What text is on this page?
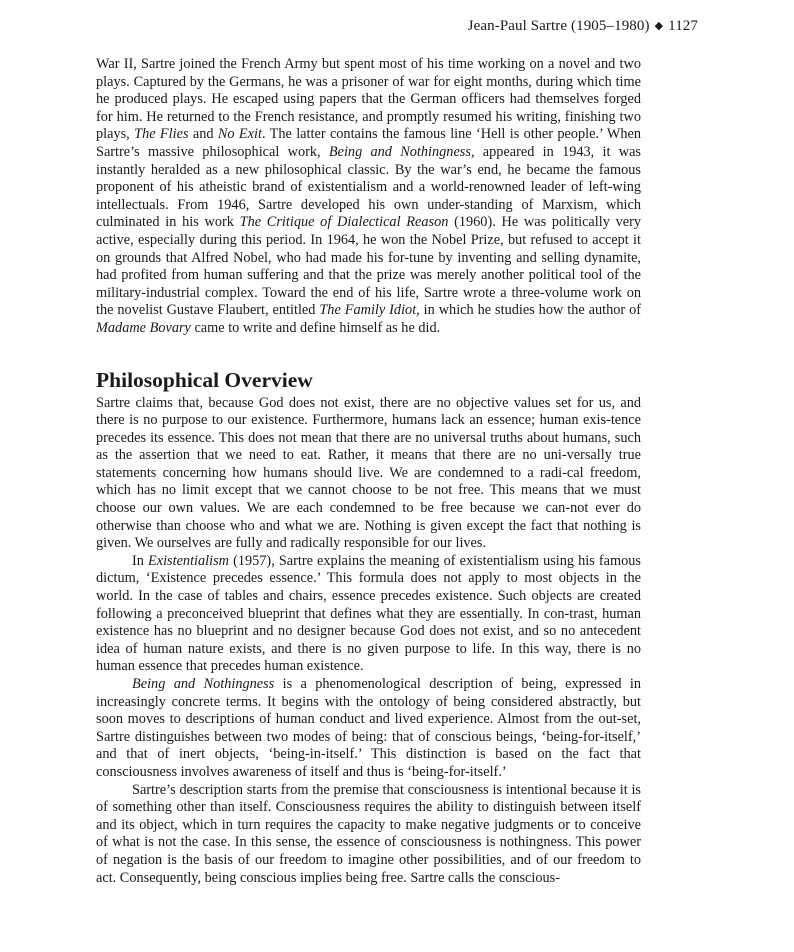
Jean-Paul Sartre (1905–1980) ◆ 1127

War II, Sartre joined the French Army but spent most of his time working on a novel and two plays. Captured by the Germans, he was a prisoner of war for eight months, during which time he produced plays. He escaped using papers that the German officers had themselves forged for him. He returned to the French resistance, and promptly resumed his writing, finishing two plays, The Flies and No Exit. The latter contains the famous line ‘Hell is other people.’ When Sartre’s massive philosophical work, Being and Nothingness, appeared in 1943, it was instantly heralded as a new philosophical classic. By the war’s end, he became the famous proponent of his atheistic brand of existentialism and a world-renowned leader of left-wing intellectuals. From 1946, Sartre developed his own under-standing of Marxism, which culminated in his work The Critique of Dialectical Reason (1960). He was politically very active, especially during this period. In 1964, he won the Nobel Prize, but refused to accept it on grounds that Alfred Nobel, who had made his for-tune by inventing and selling dynamite, had profited from human suffering and that the prize was merely another political tool of the military-industrial complex. Toward the end of his life, Sartre wrote a three-volume work on the novelist Gustave Flaubert, entitled The Family Idiot, in which he studies how the author of Madame Bovary came to write and define himself as he did.

Philosophical Overview

Sartre claims that, because God does not exist, there are no objective values set for us, and there is no purpose to our existence. Furthermore, humans lack an essence; human exis-tence precedes its essence. This does not mean that there are no universal truths about humans, such as the assertion that we need to eat. Rather, it means that there are no uni-versally true statements concerning how humans should live. We are condemned to a radi-cal freedom, which has no limit except that we cannot choose to be not free. This means that we must choose our own values. We are each condemned to be free because we can-not ever do otherwise than choose who and what we are. Nothing is given except the fact that nothing is given. We ourselves are fully and radically responsible for our lives.

In Existentialism (1957), Sartre explains the meaning of existentialism using his famous dictum, ‘Existence precedes essence.’ This formula does not apply to most objects in the world. In the case of tables and chairs, essence precedes existence. Such objects are created following a preconceived blueprint that defines what they are essentially. In con-trast, human existence has no blueprint and no designer because God does not exist, and so no antecedent idea of human nature exists, and there is no given purpose to life. In this way, there is no human essence that precedes human existence.

Being and Nothingness is a phenomenological description of being, expressed in increasingly concrete terms. It begins with the ontology of being considered abstractly, but soon moves to descriptions of human conduct and lived experience. Almost from the out-set, Sartre distinguishes between two modes of being: that of conscious beings, ‘being-for-itself,’ and that of inert objects, ‘being-in-itself.’ This distinction is based on the fact that consciousness involves awareness of itself and thus is ‘being-for-itself.’

Sartre’s description starts from the premise that consciousness is intentional because it is of something other than itself. Consciousness requires the ability to distinguish between itself and its object, which in turn requires the capacity to make negative judgments or to conceive of what is not the case. In this sense, the essence of consciousness is nothingness. This power of negation is the basis of our freedom to imagine other possibilities, and of our freedom to act. Consequently, being conscious implies being free. Sartre calls the conscious-
